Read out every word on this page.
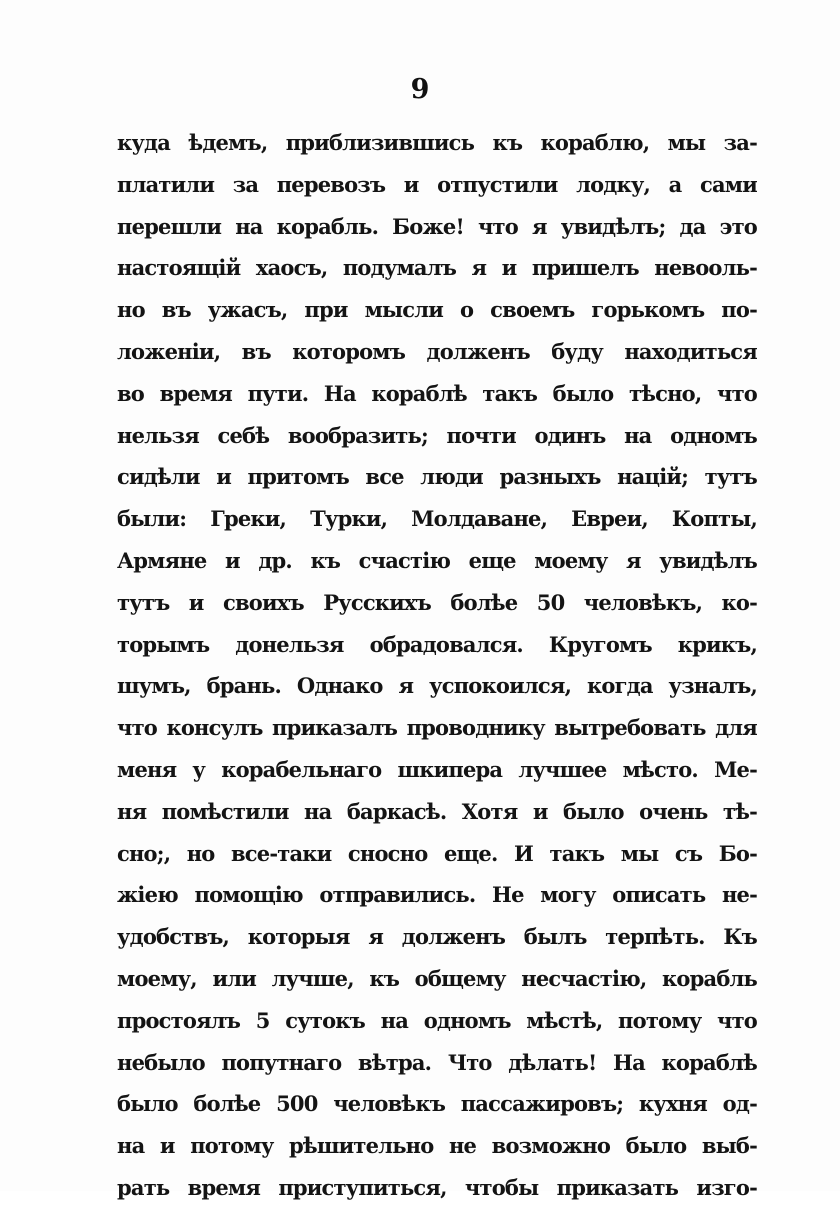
9
куда ѣдемъ, приблизившись къ кораблю, мы за-
платили за перевозъ и отпустили лодку, а сами
перешли на корабль. Боже! что я увидѣлъ; да это
настоящій хаосъ, подумалъ я и пришелъ невооль-
но въ ужасъ, при мысли о своемъ горькомъ по-
ложеніи, въ которомъ долженъ буду находиться
во время пути. На кораблѣ такъ было тѣсно, что
нельзя себѣ вообразить; почти одинъ на одномъ
сидѣли и притомъ все люди разныхъ націй; тутъ
были: Греки, Турки, Молдаване, Евреи, Копты,
Армяне и др. къ счастію еще моему я увидѣлъ
тутъ и своихъ Русскихъ болѣе 50 человѣкъ, ко-
торымъ донельзя обрадовался. Кругомъ крикъ,
шумъ, брань. Однако я успокоился, когда узналъ,
что консулъ приказалъ проводнику вытребовать для
меня у корабельнаго шкипера лучшее мѣсто. Ме-
ня помѣстили на баркасѣ. Хотя и было очень тѣ-
сно;, но все-таки сносно еще. И такъ мы съ Бо-
жіею помощію отправились. Не могу описать не-
удобствъ, которыя я долженъ былъ терпѣть. Къ
моему, или лучше, къ общему несчастію, корабль
простоялъ 5 сутокъ на одномъ мѣстѣ, потому что
небыло попутнаго вѣтра. Что дѣлать! На кораблѣ
было болѣе 500 человѣкъ пассажировъ; кухня од-
на и потому рѣшительно не возможно было выб-
рать время приступиться, чтобы приказать изго-
